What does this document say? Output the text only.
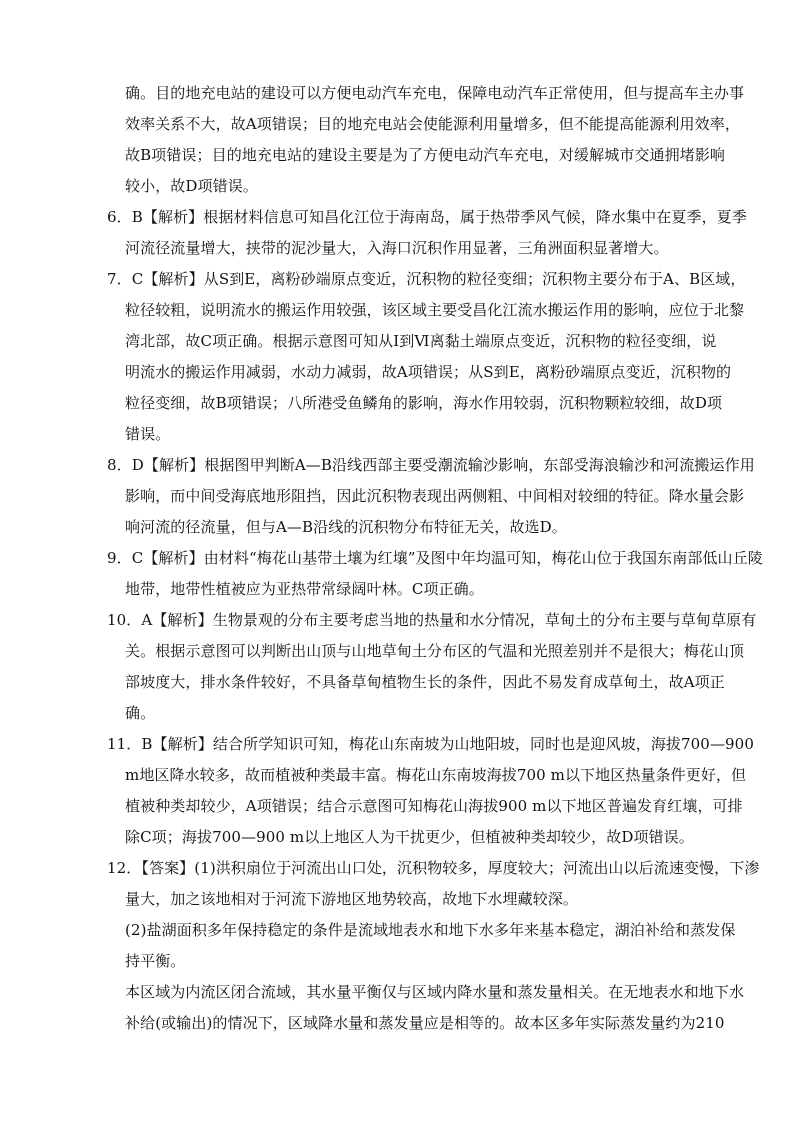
确。目的地充电站的建设可以方便电动汽车充电，保障电动汽车正常使用，但与提高车主办事
效率关系不大，故A项错误；目的地充电站会使能源利用量增多，但不能提高能源利用效率，
故B项错误；目的地充电站的建设主要是为了方便电动汽车充电，对缓解城市交通拥堵影响
较小，故D项错误。
6．B【解析】根据材料信息可知昌化江位于海南岛，属于热带季风气候，降水集中在夏季，夏季
河流径流量增大，挟带的泥沙量大，入海口沉积作用显著，三角洲面积显著增大。
7．C【解析】从S到E，离粉砂端原点变近，沉积物的粒径变细；沉积物主要分布于A、B区域，
粒径较粗，说明流水的搬运作用较强，该区域主要受昌化江流水搬运作用的影响，应位于北黎
湾北部，故C项正确。根据示意图可知从Ⅰ到Ⅵ离黏土端原点变近，沉积物的粒径变细，说
明流水的搬运作用减弱，水动力减弱，故A项错误；从S到E，离粉砂端原点变近，沉积物的
粒径变细，故B项错误；八所港受鱼鳞角的影响，海水作用较弱，沉积物颗粒较细，故D项
错误。
8．D【解析】根据图甲判断A—B沿线西部主要受潮流输沙影响，东部受海浪输沙和河流搬运作用
影响，而中间受海底地形阻挡，因此沉积物表现出两侧粗、中间相对较细的特征。降水量会影
响河流的径流量，但与A—B沿线的沉积物分布特征无关，故选D。
9．C【解析】由材料“梅花山基带土壤为红壤”及图中年均温可知，梅花山位于我国东南部低山丘陵
地带，地带性植被应为亚热带常绿阔叶林。C项正确。
10．A【解析】生物景观的分布主要考虑当地的热量和水分情况，草甸土的分布主要与草甸草原有
关。根据示意图可以判断出山顶与山地草甸土分布区的气温和光照差别并不是很大；梅花山顶
部坡度大，排水条件较好，不具备草甸植物生长的条件，因此不易发育成草甸土，故A项正
确。
11．B【解析】结合所学知识可知，梅花山东南坡为山地阳坡，同时也是迎风坡，海拔700—900
m地区降水较多，故而植被种类最丰富。梅花山东南坡海拔700 m以下地区热量条件更好，但
植被种类却较少，A项错误；结合示意图可知梅花山海拔900 m以下地区普遍发育红壤，可排
除C项；海拔700—900 m以上地区人为干扰更少，但植被种类却较少，故D项错误。
12．【答案】(1)洪积扇位于河流出山口处，沉积物较多，厚度较大；河流出山以后流速变慢，下渗
量大，加之该地相对于河流下游地区地势较高，故地下水埋藏较深。
(2)盐湖面积多年保持稳定的条件是流域地表水和地下水多年来基本稳定，湖泊补给和蒸发保
持平衡。
本区域为内流区闭合流域，其水量平衡仅与区域内降水量和蒸发量相关。在无地表水和地下水
补给(或输出)的情况下，区域降水量和蒸发量应是相等的。故本区多年实际蒸发量约为210
